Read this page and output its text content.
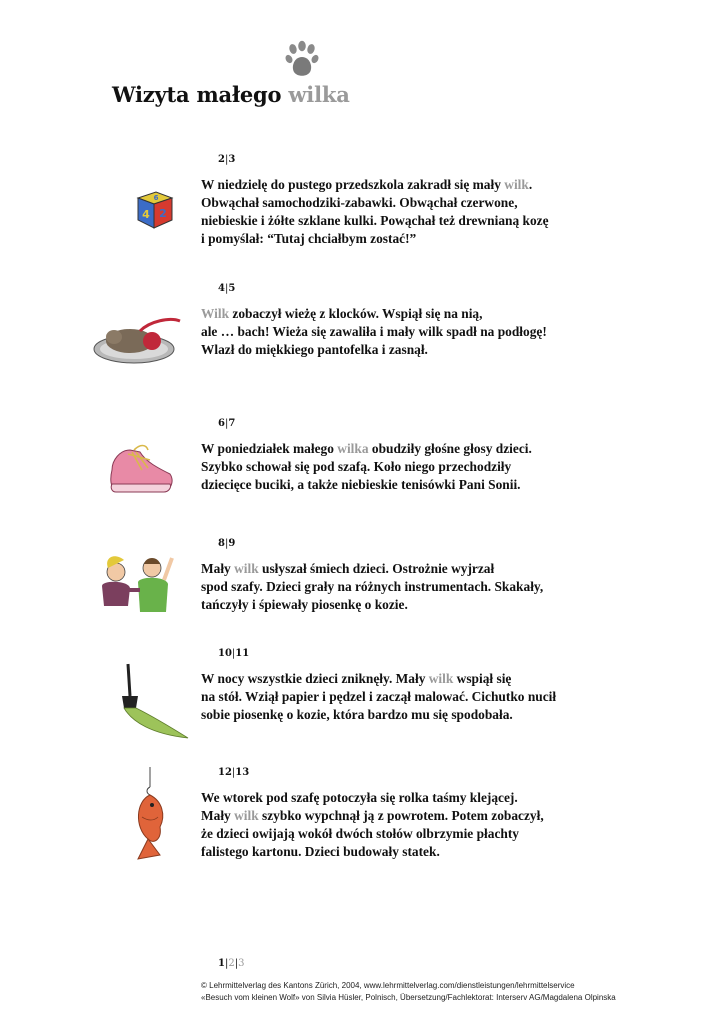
Wizyta małego wilka
2|3
4 2
6
W niedzielę do pustego przedszkola zakradł się mały wilk.
Obwąchał samochodziki-zabawki. Obwąchał czerwone,
niebieskie i żółte szklane kulki. Powąchał też drewnianą kozę
i pomyślał: “Tutaj chciałbym zostać!”
4|5
Wilk zobaczył wieżę z klocków. Wspiął się na nią,
ale … bach! Wieża się zawaliła i mały wilk spadł na podłogę!
Wlazł do miękkiego pantofelka i zasnął.
6|7
W poniedziałek małego wilka obudziły głośne głosy dzieci.
Szybko schował się pod szafą. Koło niego przechodziły
dziecięce buciki, a także niebieskie tenisówki Pani Sonii.
8|9
Mały wilk usłyszał śmiech dzieci. Ostrożnie wyjrzał
spod szafy. Dzieci grały na różnych instrumentach. Skakały,
tańczyły i śpiewały piosenkę o kozie.
10|11
W nocy wszystkie dzieci zniknęły. Mały wilk wspiął się
na stół. Wziął papier i pędzel i zaczął malować. Cichutko nucił
sobie piosenkę o kozie, która bardzo mu się spodobała.
12|13
We wtorek pod szafę potoczyła się rolka taśmy klejącej.
Mały wilk szybko wypchnął ją z powrotem. Potem zobaczył,
że dzieci owijają wokół dwóch stołów olbrzymie płachty
falistego kartonu. Dzieci budowały statek.
1|2|3
© Lehrmittelverlag des Kantons Zürich, 2004, www.lehrmittelverlag.com/dienstleistungen/lehrmittelservice
«Besuch vom kleinen Wolf» von Silvia Hüsler, Polnisch, Übersetzung/Fachlektorat: Interserv AG/Magdalena Olpinska
